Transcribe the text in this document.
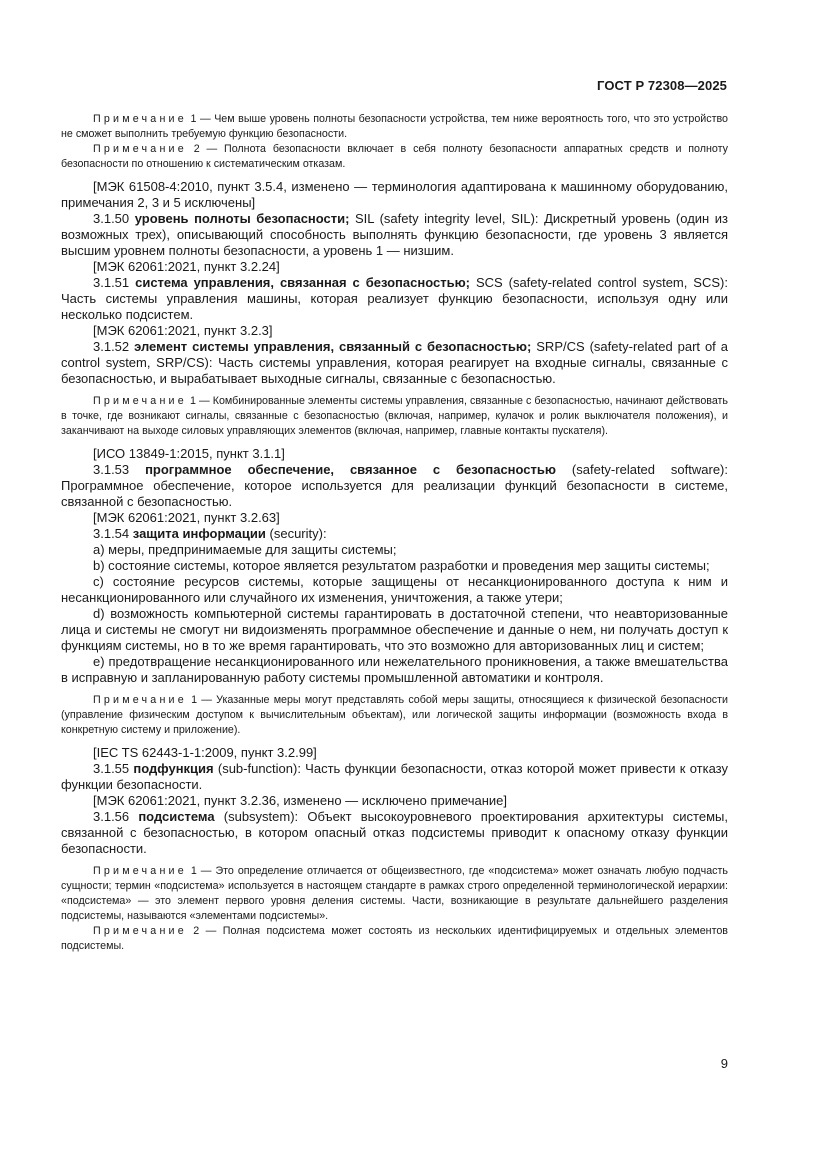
ГОСТ Р 72308—2025

Примечание 1 — Чем выше уровень полноты безопасности устройства, тем ниже вероятность того, что это устройство не сможет выполнить требуемую функцию безопасности.

Примечание 2 — Полнота безопасности включает в себя полноту безопасности аппаратных средств и полноту безопасности по отношению к систематическим отказам.

[МЭК 61508-4:2010, пункт 3.5.4, изменено — терминология адаптирована к машинному оборудованию, примечания 2, 3 и 5 исключены]

3.1.50 уровень полноты безопасности; SIL (safety integrity level, SIL): Дискретный уровень (один из возможных трех), описывающий способность выполнять функцию безопасности, где уровень 3 является высшим уровнем полноты безопасности, а уровень 1 — низшим.

[МЭК 62061:2021, пункт 3.2.24]

3.1.51 система управления, связанная с безопасностью; SCS (safety-related control system, SCS): Часть системы управления машины, которая реализует функцию безопасности, используя одну или несколько подсистем.

[МЭК 62061:2021, пункт 3.2.3]

3.1.52 элемент системы управления, связанный с безопасностью; SRP/CS (safety-related part of a control system, SRP/CS): Часть системы управления, которая реагирует на входные сигналы, связанные с безопасностью, и вырабатывает выходные сигналы, связанные с безопасностью.

Примечание 1 — Комбинированные элементы системы управления, связанные с безопасностью, начинают действовать в точке, где возникают сигналы, связанные с безопасностью (включая, например, кулачок и ролик выключателя положения), и заканчивают на выходе силовых управляющих элементов (включая, например, главные контакты пускателя).

[ИСО 13849-1:2015, пункт 3.1.1]

3.1.53 программное обеспечение, связанное с безопасностью (safety-related software): Программное обеспечение, которое используется для реализации функций безопасности в системе, связанной с безопасностью.

[МЭК 62061:2021, пункт 3.2.63]

3.1.54 защита информации (security):

a) меры, предпринимаемые для защиты системы;

b) состояние системы, которое является результатом разработки и проведения мер защиты системы;

c) состояние ресурсов системы, которые защищены от несанкционированного доступа к ним и несанкционированного или случайного их изменения, уничтожения, а также утери;

d) возможность компьютерной системы гарантировать в достаточной степени, что неавторизованные лица и системы не смогут ни видоизменять программное обеспечение и данные о нем, ни получать доступ к функциям системы, но в то же время гарантировать, что это возможно для авторизованных лиц и систем;

e) предотвращение несанкционированного или нежелательного проникновения, а также вмешательства в исправную и запланированную работу системы промышленной автоматики и контроля.

Примечание 1 — Указанные меры могут представлять собой меры защиты, относящиеся к физической безопасности (управление физическим доступом к вычислительным объектам), или логической защиты информации (возможность входа в конкретную систему и приложение).

[IEC TS 62443-1-1:2009, пункт 3.2.99]

3.1.55 подфункция (sub-function): Часть функции безопасности, отказ которой может привести к отказу функции безопасности.

[МЭК 62061:2021, пункт 3.2.36, изменено — исключено примечание]

3.1.56 подсистема (subsystem): Объект высокоуровневого проектирования архитектуры системы, связанной с безопасностью, в котором опасный отказ подсистемы приводит к опасному отказу функции безопасности.

Примечание 1 — Это определение отличается от общеизвестного, где «подсистема» может означать любую подчасть сущности; термин «подсистема» используется в настоящем стандарте в рамках строго определенной терминологической иерархии: «подсистема» — это элемент первого уровня деления системы. Части, возникающие в результате дальнейшего разделения подсистемы, называются «элементами подсистемы».

Примечание 2 — Полная подсистема может состоять из нескольких идентифицируемых и отдельных элементов подсистемы.

9
